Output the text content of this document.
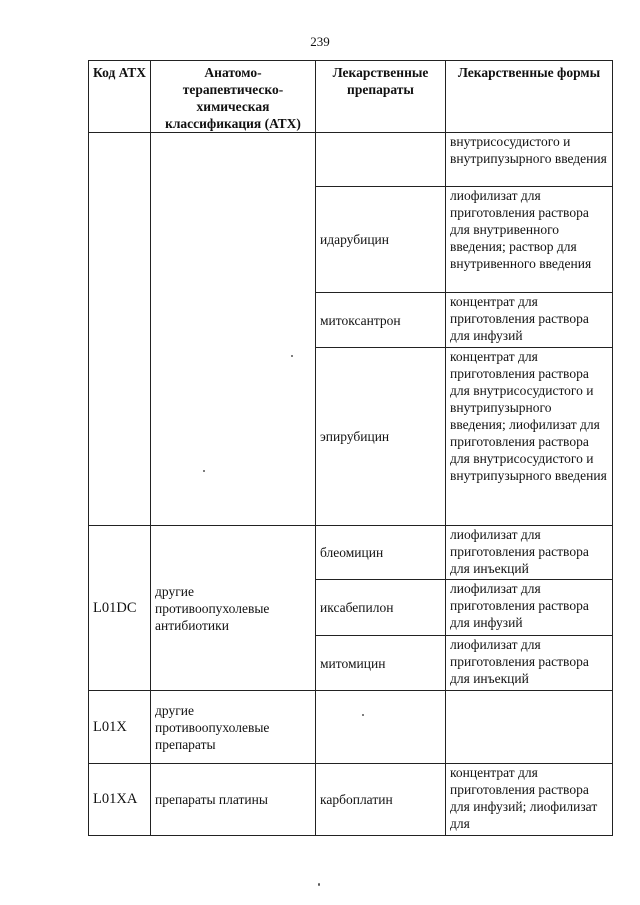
239
Код АТХ	Анатомо-терапевтическо-химическая классификация (АТХ)	Лекарственные препараты	Лекарственные формы
			внутрисосудистого и внутрипузырного введения
		идарубицин	лиофилизат для приготовления раствора для внутривенного введения; раствор для внутривенного введения
		митоксантрон	концентрат для приготовления раствора для инфузий
		эпирубицин	концентрат для приготовления раствора для внутрисосудистого и внутрипузырного введения; лиофилизат для приготовления раствора для внутрисосудистого и внутрипузырного введения
L01DC	другие противоопухолевые антибиотики	блеомицин	лиофилизат для приготовления раствора для инъекций
		иксабепилон	лиофилизат для приготовления раствора для инфузий
		митомицин	лиофилизат для приготовления раствора для инъекций
L01X	другие противоопухолевые препараты		
L01XA	препараты платины	карбоплатин	концентрат для приготовления раствора для инфузий; лиофилизат для
